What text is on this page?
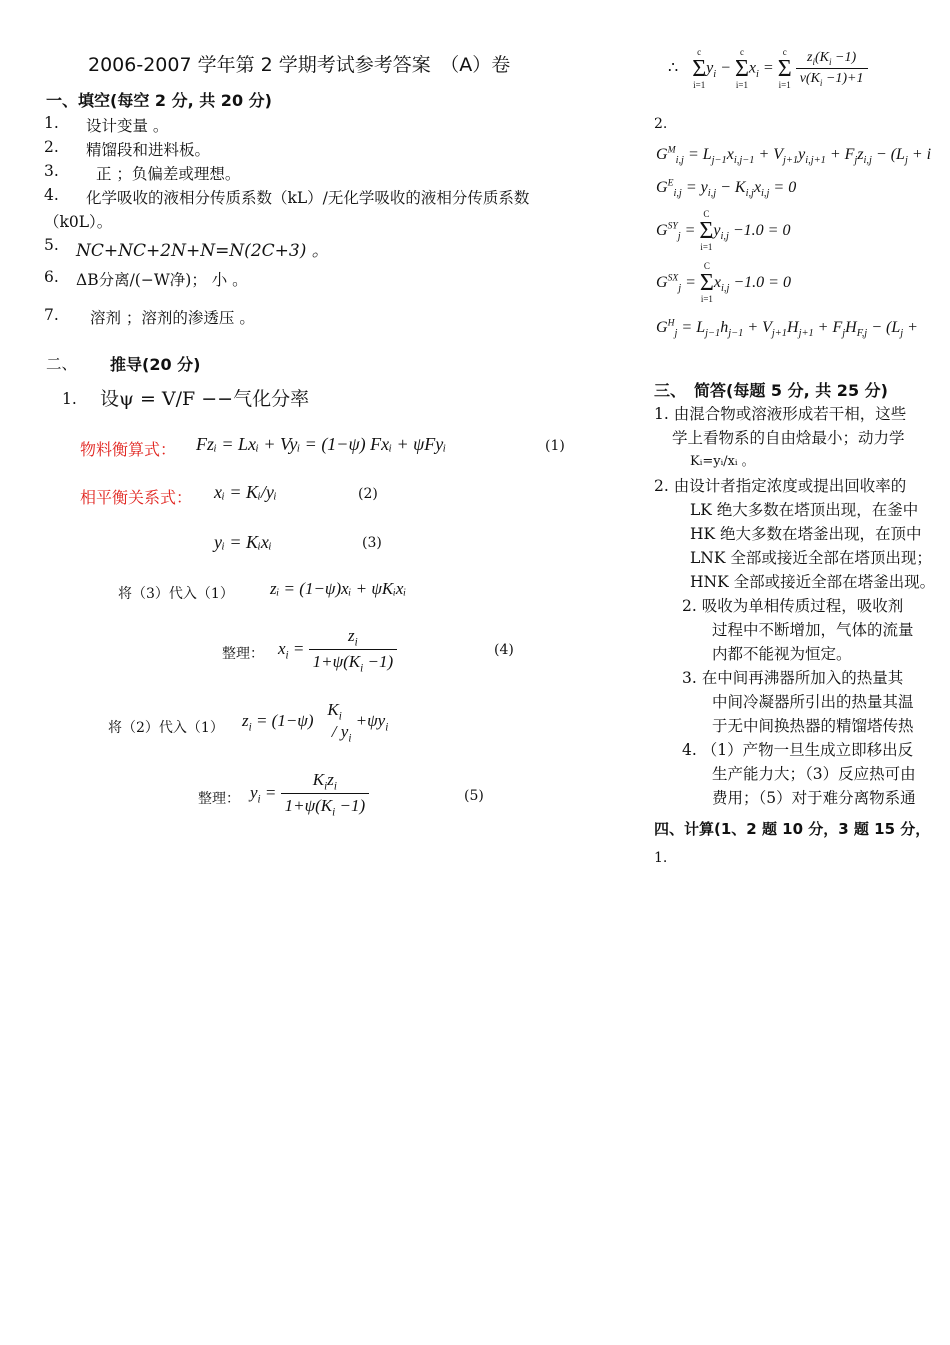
2006-2007 学年第 2 学期考试参考答案　（A）卷
一、填空(每空 2 分, 共 20 分)
1. 设计变量 。
2. 精馏段和进料板。
3. 正 ；负偏差或理想。
4. 化学吸收的液相分传质系数（kL）/无化学吸收的液相分传质系数
（k0L）。
5. NC+NC+2N+N=N(2C+3) 。
6. ΔB分离/(−W净)； 小 。
7. 溶剂 ；溶剂的渗透压 。
二、 推导(20 分)
1. 设ψ = V/F −−气化分率
物料衡算式： Fzᵢ = Lxᵢ + Vyᵢ = (1−ψ) Fxᵢ + ψFyᵢ	(1)
相平衡关系式： xᵢ = Kᵢ/yᵢ	(2)
yᵢ = Kᵢxᵢ	(3)
将（3）代入（1） zᵢ = (1−ψ)xᵢ + ψKᵢxᵢ
整理： $x_i = \frac{z_i}{1+\psi(K_i -1)}$	(4)
将（2）代入（1） $z_i = (1-\psi)$
$K_i$
/ $y_i$
$+\psi y_i$
整理： $y_i = \frac{K_iz_i}{1+\psi(K_i -1)}$	(5)
∴
c
Σ
i=1
$y_i$ −
c
Σ
i=1
$x_i$ =
c
Σ
i=1
$\frac{z_i(K_i -1)}{\nu(K_i -1)+1}$
2.
$G^M_{i,j} = L_{j-1}x_{i,j-1} + V_{j+1}y_{i,j+1} + F_jz_{i,j} - (L_j + i$
$G^E_{i,j} = y_{i,j} - K_{i,j}x_{i,j} = 0$
$G^{SY}_j$ =
C
Σ
i=1
$y_{i,j} -1.0 = 0$
$G^{SX}_j$ =
C
Σ
i=1
$x_{i,j} -1.0 = 0$
$G^H_j = L_{j-1}h_{j-1} + V_{j+1}H_{j+1} + F_jH_{F,j} - (L_j$ +
三、　简答(每题 5 分, 共 25 分)
1. 由混合物或溶液形成若干相，这些
学上看物系的自由焓最小；动力学
Kᵢ=yᵢ/xᵢ 。
2. 由设计者指定浓度或提出回收率的
LK 绝大多数在塔顶出现，在釜中
HK 绝大多数在塔釜出现，在顶中
LNK 全部或接近全部在塔顶出现；
HNK 全部或接近全部在塔釜出现。
2. 吸收为单相传质过程，吸收剂
过程中不断增加，气体的流量
内都不能视为恒定。
3. 在中间再沸器所加入的热量其
中间冷凝器所引出的热量其温
于无中间换热器的精馏塔传热
4. （1）产物一旦生成立即移出反
生产能力大；（3）反应热可由
费用；（5）对于难分离物系通
四、计算(1、2 题 10 分，3 题 15 分，
1.
